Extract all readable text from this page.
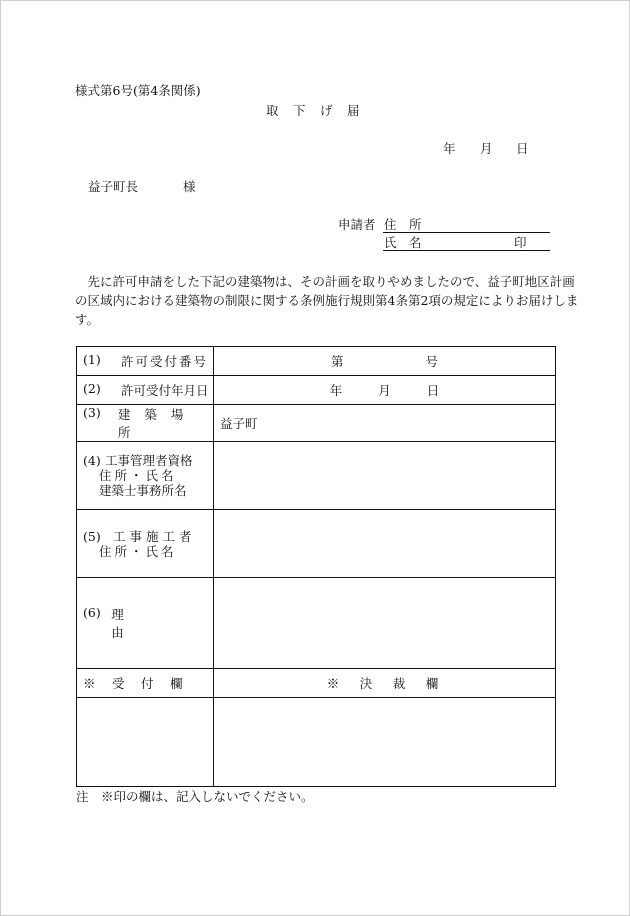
様式第6号(第4条関係)
取　下　げ　届
年 月 日
益子町長	様
申請者 住　所
氏　名	印
　先に許可申請をした下記の建築物は、その計画を取りやめましたので、益子町地区計画
の区域内における建築物の制限に関する条例施行規則第4条第2項の規定によりお届けしま
す。
(1) 許可受付番号	第 号

(2) 許可受付年月日	年 月 日

(3) 建築場所	益子町

(4) 工事管理者資格
住所・氏名
建築士事務所名	

(5) 工事施工者
住所・氏名	

(6) 理由	

※　受　付　欄	※　決　裁　欄

注　※印の欄は、記入しないでください。
